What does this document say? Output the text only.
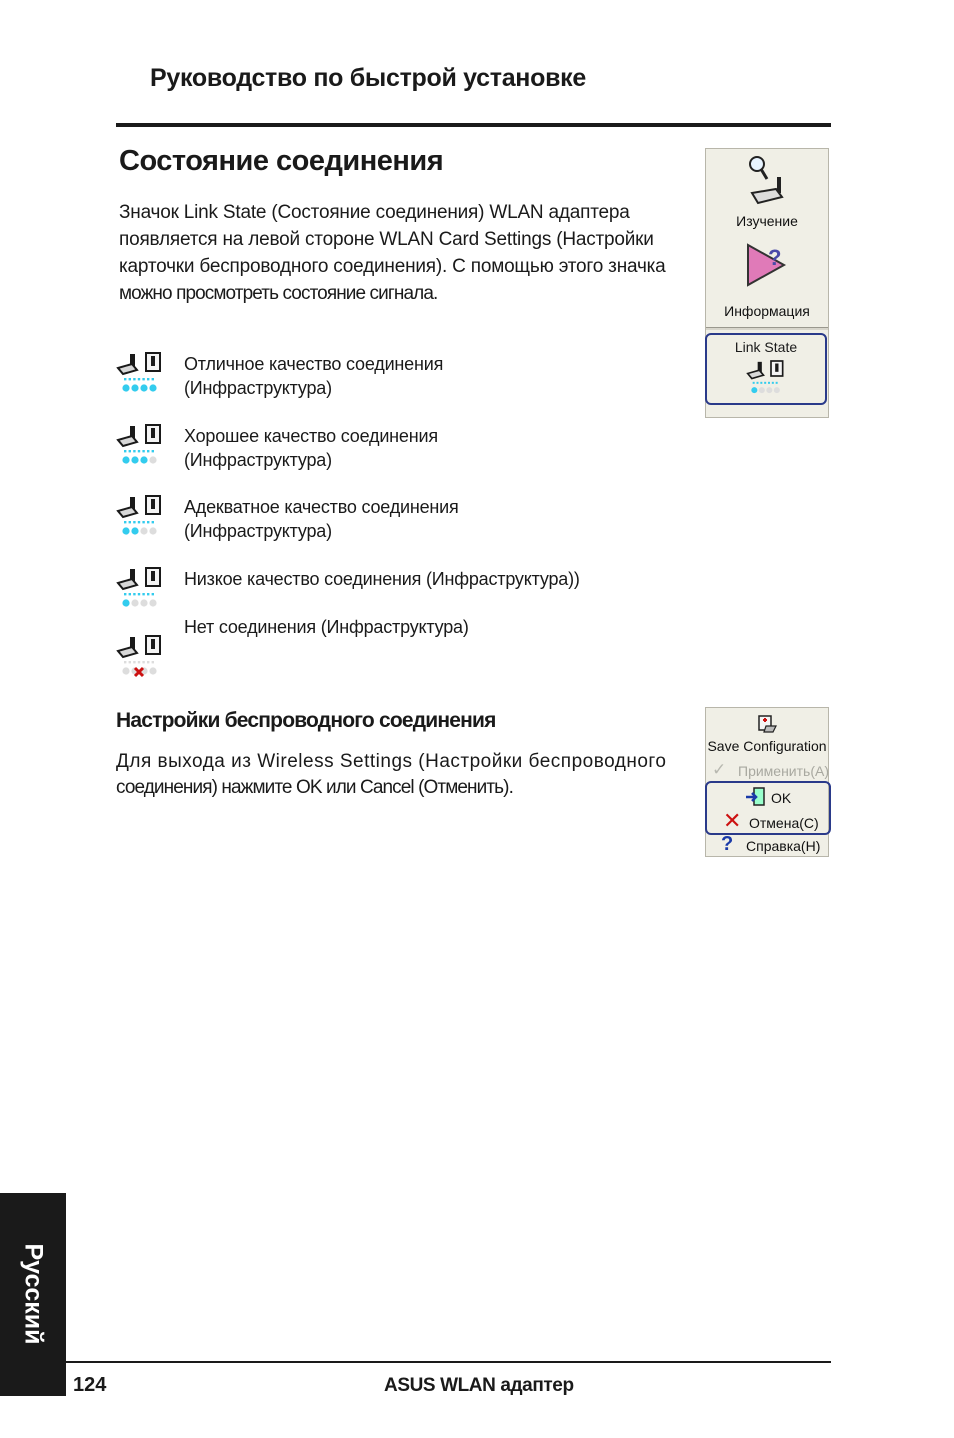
Руководство по быстрой установке
Состояние соединения
Значок Link State (Состояние соединения) WLAN адаптера
появляется на левой стороне WLAN Card Settings (Настройки
карточки беспроводного соединения). С помощью этого значка
можно просмотреть состояние сигнала.
Отличное качество соединения
(Инфраструктура)
Хорошее качество соединения
(Инфраструктура)
Адекватное качество соединения
(Инфраструктура)
Низкое качество соединения (Инфраструктура))
Нет соединения (Инфраструктура)
Изучение
?
Информация
Link State
Настройки беспроводного соединения
Для выхода из Wireless Settings (Настройки беспроводного
соединения) нажмите OK или Cancel (Отменить).
Save Configuration
✓ Применить(A)
OK
✕ Отмена(C)
? Справка(H)
Русский
124	ASUS WLAN адаптер
